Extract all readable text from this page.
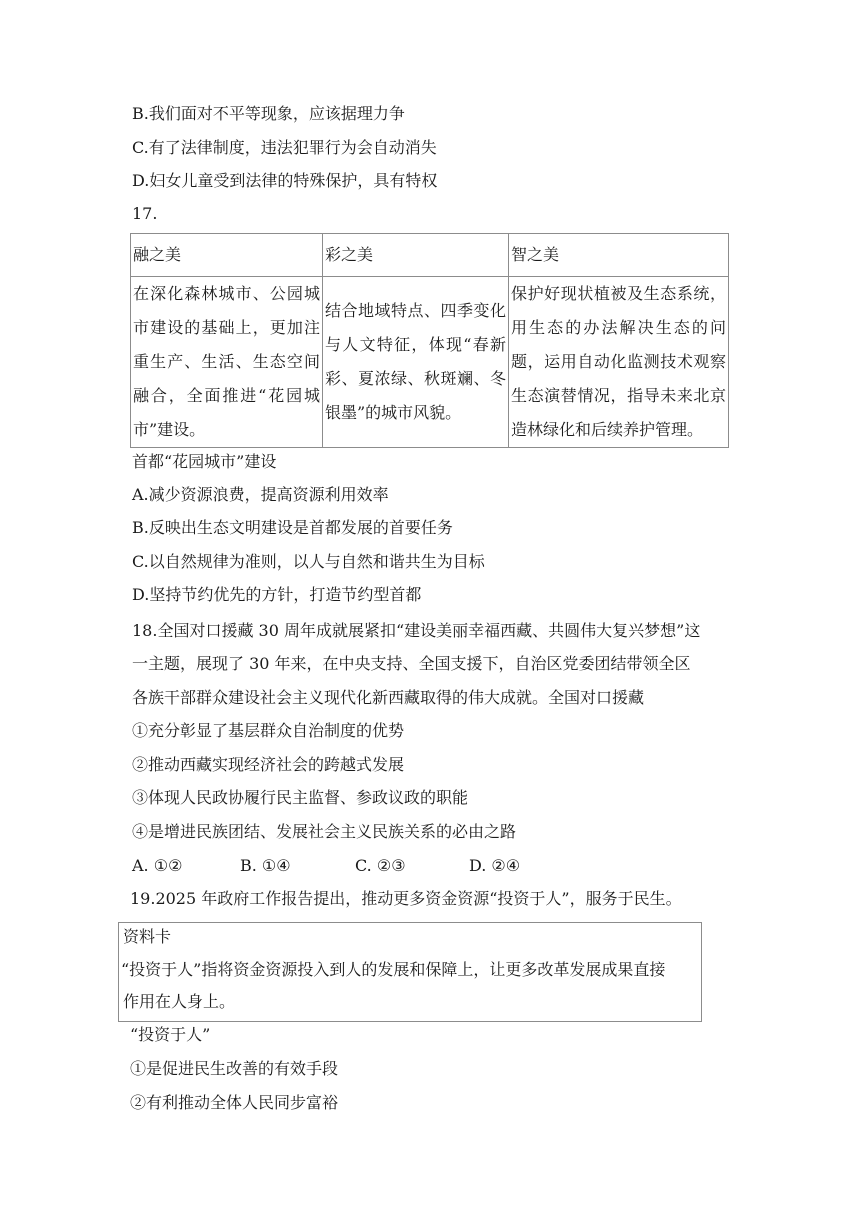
B.我们面对不平等现象，应该据理力争
C.有了法律制度，违法犯罪行为会自动消失
D.妇女儿童受到法律的特殊保护，具有特权
17.
融之美	彩之美	智之美
在深化森林城市、公园城市建设的基础上，更加注重生产、生活、生态空间融合，全面推进“花园城市”建设。	结合地域特点、四季变化与人文特征，体现“春新彩、夏浓绿、秋斑斓、冬银墨”的城市风貌。	保护好现状植被及生态系统，用生态的办法解决生态的问题，运用自动化监测技术观察生态演替情况，指导未来北京造林绿化和后续养护管理。
首都“花园城市”建设
A.减少资源浪费，提高资源利用效率
B.反映出生态文明建设是首都发展的首要任务
C.以自然规律为准则，以人与自然和谐共生为目标
D.坚持节约优先的方针，打造节约型首都
18.全国对口援藏 30 周年成就展紧扣“建设美丽幸福西藏、共圆伟大复兴梦想”这
一主题，展现了 30 年来，在中央支持、全国支援下，自治区党委团结带领全区
各族干部群众建设社会主义现代化新西藏取得的伟大成就。全国对口援藏
①充分彰显了基层群众自治制度的优势
②推动西藏实现经济社会的跨越式发展
③体现人民政协履行民主监督、参政议政的职能
④是增进民族团结、发展社会主义民族关系的必由之路
A. ①②	B. ①④	C. ②③	D. ②④
19.2025 年政府工作报告提出，推动更多资金资源“投资于人”，服务于民生。
资料卡
“投资于人”指将资金资源投入到人的发展和保障上，让更多改革发展成果直接
作用在人身上。
“投资于人”
①是促进民生改善的有效手段
②有利推动全体人民同步富裕
